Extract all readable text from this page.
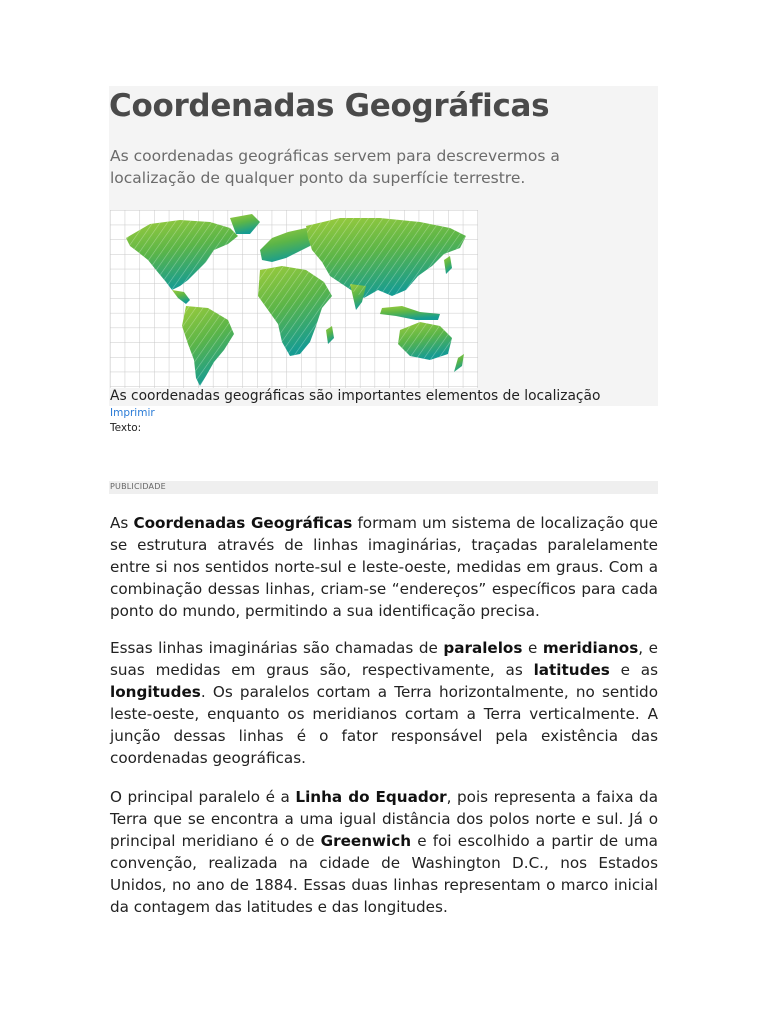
Coordenadas Geográficas

As coordenadas geográficas servem para descrevermos a localização de qualquer ponto da superfície terrestre.

As coordenadas geográficas são importantes elementos de localização

Imprimir
Texto:
PUBLICIDADE

As Coordenadas Geográficas formam um sistema de localização que se estrutura através de linhas imaginárias, traçadas paralelamente entre si nos sentidos norte-sul e leste-oeste, medidas em graus. Com a combinação dessas linhas, criam-se “endereços” específicos para cada ponto do mundo, permitindo a sua identificação precisa.

Essas linhas imaginárias são chamadas de paralelos e meridianos, e suas medidas em graus são, respectivamente, as latitudes e as longitudes. Os paralelos cortam a Terra horizontalmente, no sentido leste-oeste, enquanto os meridianos cortam a Terra verticalmente. A junção dessas linhas é o fator responsável pela existência das coordenadas geográficas.

O principal paralelo é a Linha do Equador, pois representa a faixa da Terra que se encontra a uma igual distância dos polos norte e sul. Já o principal meridiano é o de Greenwich e foi escolhido a partir de uma convenção, realizada na cidade de Washington D.C., nos Estados Unidos, no ano de 1884. Essas duas linhas representam o marco inicial da contagem das latitudes e das longitudes.
